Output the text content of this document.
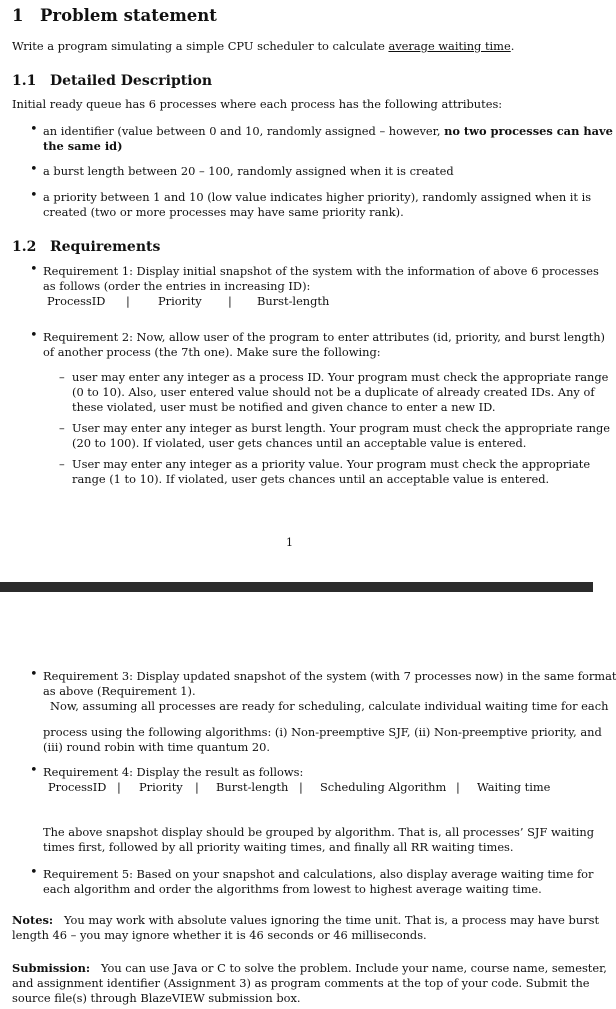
1 Problem statement
Write a program simulating a simple CPU scheduler to calculate average waiting time.
1.1 Detailed Description
Initial ready queue has 6 processes where each process has the following attributes:
• an identifier (value between 0 and 10, randomly assigned – however, no two processes can have
the same id)
• a burst length between 20 – 100, randomly assigned when it is created
• a priority between 1 and 10 (low value indicates higher priority), randomly assigned when it is
created (two or more processes may have same priority rank).
1.2 Requirements
• Requirement 1: Display initial snapshot of the system with the information of above 6 processes
as follows (order the entries in increasing ID):
ProcessID | Priority | Burst-length
• Requirement 2: Now, allow user of the program to enter attributes (id, priority, and burst length)
of another process (the 7th one). Make sure the following:
– user may enter any integer as a process ID. Your program must check the appropriate range
(0 to 10). Also, user entered value should not be a duplicate of already created IDs. Any of
these violated, user must be notified and given chance to enter a new ID.
– User may enter any integer as burst length. Your program must check the appropriate range
(20 to 100). If violated, user gets chances until an acceptable value is entered.
– User may enter any integer as a priority value. Your program must check the appropriate
range (1 to 10). If violated, user gets chances until an acceptable value is entered.
1
• Requirement 3: Display updated snapshot of the system (with 7 processes now) in the same format
as above (Requirement 1).
Now, assuming all processes are ready for scheduling, calculate individual waiting time for each
process using the following algorithms: (i) Non-preemptive SJF, (ii) Non-preemptive priority, and
(iii) round robin with time quantum 20.
• Requirement 4: Display the result as follows:
ProcessID | Priority | Burst-length | Scheduling Algorithm | Waiting time
The above snapshot display should be grouped by algorithm. That is, all processes’ SJF waiting
times first, followed by all priority waiting times, and finally all RR waiting times.
• Requirement 5: Based on your snapshot and calculations, also display average waiting time for
each algorithm and order the algorithms from lowest to highest average waiting time.
Notes: You may work with absolute values ignoring the time unit. That is, a process may have burst
length 46 – you may ignore whether it is 46 seconds or 46 milliseconds.
Submission: You can use Java or C to solve the problem. Include your name, course name, semester,
and assignment identifier (Assignment 3) as program comments at the top of your code. Submit the
source file(s) through BlazeVIEW submission box.
